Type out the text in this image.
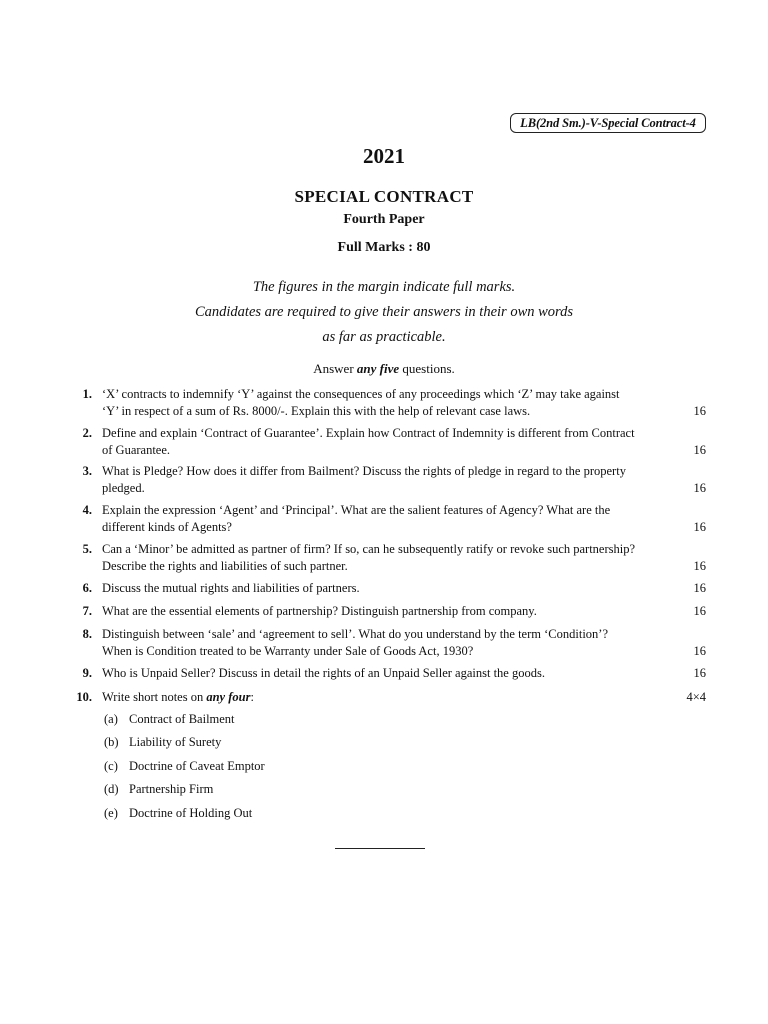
LB(2nd Sm.)-V-Special Contract-4
2021
SPECIAL CONTRACT
Fourth Paper
Full Marks : 80
The figures in the margin indicate full marks.
Candidates are required to give their answers in their own words
as far as practicable.
Answer any five questions.
1. ‘X’ contracts to indemnify ‘Y’ against the consequences of any proceedings which ‘Z’ may take against
‘Y’ in respect of a sum of Rs. 8000/-. Explain this with the help of relevant case laws.	16
2. Define and explain ‘Contract of Guarantee’. Explain how Contract of Indemnity is different from Contract
of Guarantee.	16
3. What is Pledge? How does it differ from Bailment? Discuss the rights of pledge in regard to the property
pledged.	16
4. Explain the expression ‘Agent’ and ‘Principal’. What are the salient features of Agency? What are the
different kinds of Agents?	16
5. Can a ‘Minor’ be admitted as partner of firm? If so, can he subsequently ratify or revoke such partnership?
Describe the rights and liabilities of such partner.	16
6. Discuss the mutual rights and liabilities of partners.	16
7. What are the essential elements of partnership? Distinguish partnership from company.	16
8. Distinguish between ‘sale’ and ‘agreement to sell’. What do you understand by the term ‘Condition’?
When is Condition treated to be Warranty under Sale of Goods Act, 1930?	16
9. Who is Unpaid Seller? Discuss in detail the rights of an Unpaid Seller against the goods.	16
10. Write short notes on any four:	4×4
(a) Contract of Bailment
(b) Liability of Surety
(c) Doctrine of Caveat Emptor
(d) Partnership Firm
(e) Doctrine of Holding Out
